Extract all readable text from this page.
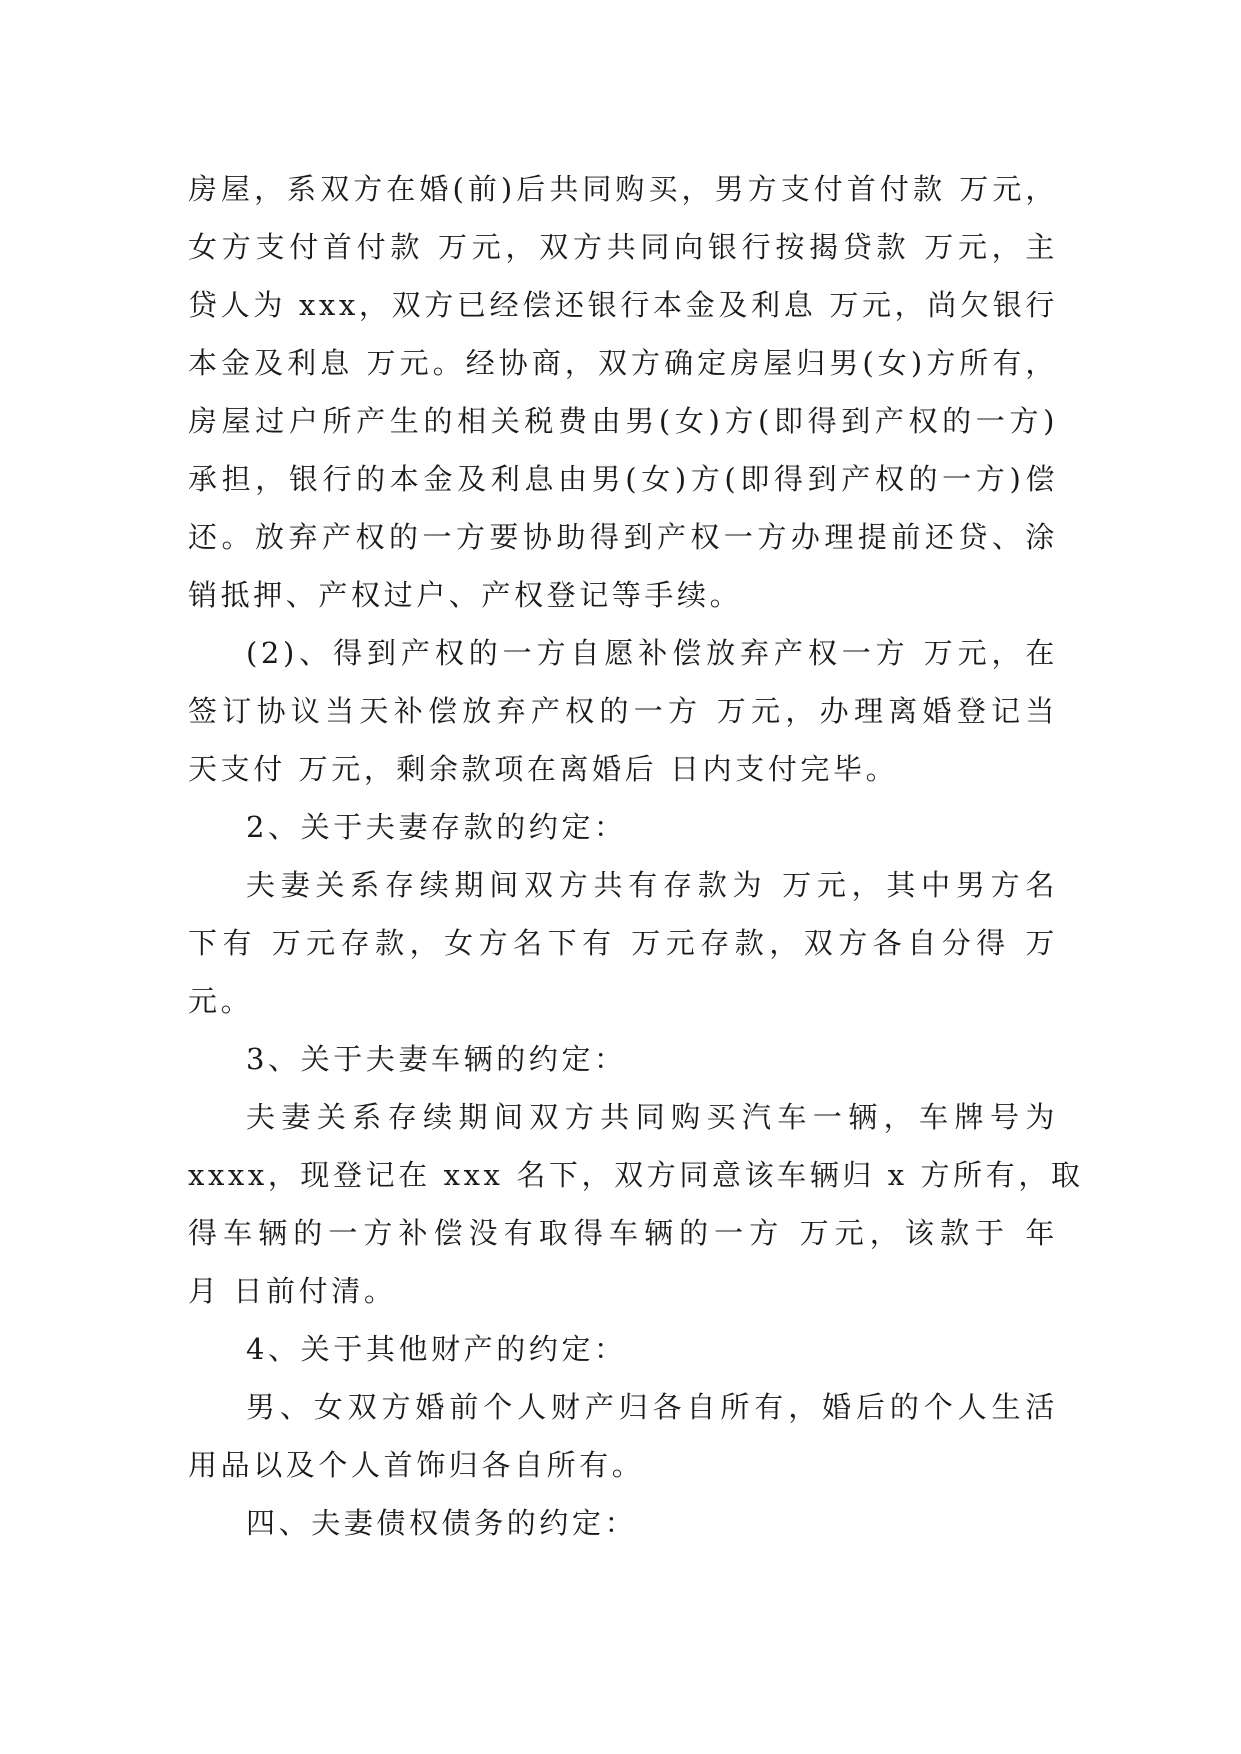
房屋，系双方在婚(前)后共同购买，男方支付首付款 万元，
女方支付首付款 万元，双方共同向银行按揭贷款 万元，主
贷人为 xxx，双方已经偿还银行本金及利息 万元，尚欠银行
本金及利息 万元。经协商，双方确定房屋归男(女)方所有，
房屋过户所产生的相关税费由男(女)方(即得到产权的一方)
承担，银行的本金及利息由男(女)方(即得到产权的一方)偿
还。放弃产权的一方要协助得到产权一方办理提前还贷、涂
销抵押、产权过户、产权登记等手续。
(2)、得到产权的一方自愿补偿放弃产权一方 万元，在
签订协议当天补偿放弃产权的一方 万元，办理离婚登记当
天支付 万元，剩余款项在离婚后 日内支付完毕。
2、关于夫妻存款的约定：
夫妻关系存续期间双方共有存款为 万元，其中男方名
下有 万元存款，女方名下有 万元存款，双方各自分得 万
元。
3、关于夫妻车辆的约定：
夫妻关系存续期间双方共同购买汽车一辆，车牌号为
xxxx，现登记在 xxx 名下，双方同意该车辆归 x 方所有，取
得车辆的一方补偿没有取得车辆的一方 万元，该款于 年
月 日前付清。
4、关于其他财产的约定：
男、女双方婚前个人财产归各自所有，婚后的个人生活
用品以及个人首饰归各自所有。
四、夫妻债权债务的约定：
